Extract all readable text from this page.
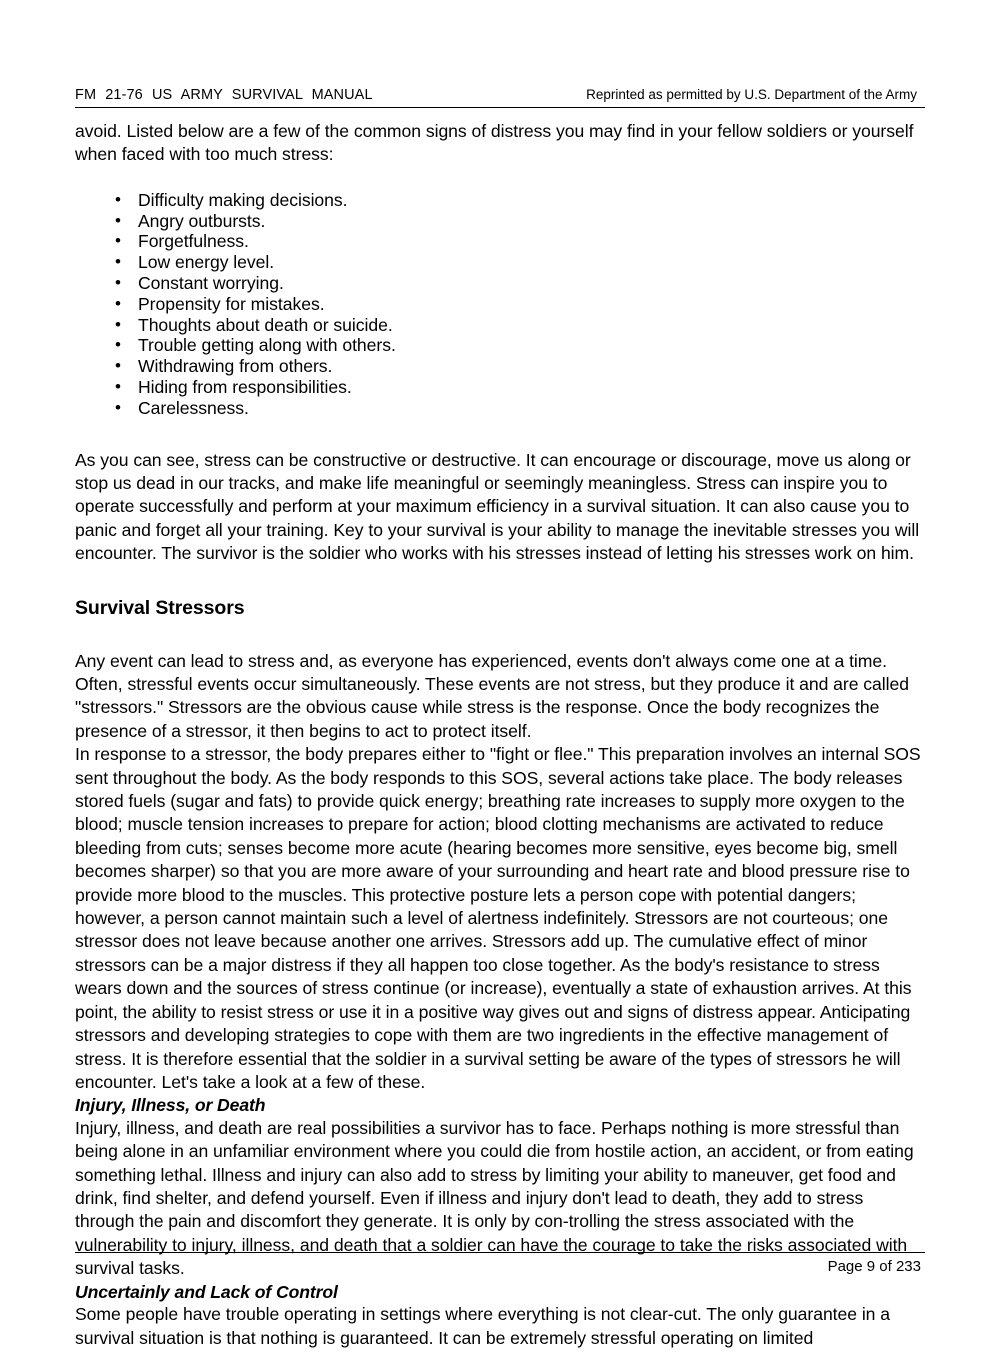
FM 21-76 US ARMY SURVIVAL MANUAL	Reprinted as permitted by U.S. Department of the Army

avoid. Listed below are a few of the common signs of distress you may find in your fellow soldiers or yourself when faced with too much stress:

• Difficulty making decisions.
• Angry outbursts.
• Forgetfulness.
• Low energy level.
• Constant worrying.
• Propensity for mistakes.
• Thoughts about death or suicide.
• Trouble getting along with others.
• Withdrawing from others.
• Hiding from responsibilities.
• Carelessness.

As you can see, stress can be constructive or destructive. It can encourage or discourage, move us along or stop us dead in our tracks, and make life meaningful or seemingly meaningless. Stress can inspire you to operate successfully and perform at your maximum efficiency in a survival situation. It can also cause you to panic and forget all your training. Key to your survival is your ability to manage the inevitable stresses you will encounter. The survivor is the soldier who works with his stresses instead of letting his stresses work on him.

Survival Stressors

Any event can lead to stress and, as everyone has experienced, events don't always come one at a time. Often, stressful events occur simultaneously. These events are not stress, but they produce it and are called "stressors." Stressors are the obvious cause while stress is the response. Once the body recognizes the presence of a stressor, it then begins to act to protect itself.

In response to a stressor, the body prepares either to "fight or flee." This preparation involves an internal SOS sent throughout the body. As the body responds to this SOS, several actions take place. The body releases stored fuels (sugar and fats) to provide quick energy; breathing rate increases to supply more oxygen to the blood; muscle tension increases to prepare for action; blood clotting mechanisms are activated to reduce bleeding from cuts; senses become more acute (hearing becomes more sensitive, eyes become big, smell becomes sharper) so that you are more aware of your surrounding and heart rate and blood pressure rise to provide more blood to the muscles. This protective posture lets a person cope with potential dangers; however, a person cannot maintain such a level of alertness indefinitely. Stressors are not courteous; one stressor does not leave because another one arrives. Stressors add up. The cumulative effect of minor stressors can be a major distress if they all happen too close together. As the body's resistance to stress wears down and the sources of stress continue (or increase), eventually a state of exhaustion arrives. At this point, the ability to resist stress or use it in a positive way gives out and signs of distress appear. Anticipating stressors and developing strategies to cope with them are two ingredients in the effective management of stress. It is therefore essential that the soldier in a survival setting be aware of the types of stressors he will encounter. Let's take a look at a few of these.

Injury, Illness, or Death

Injury, illness, and death are real possibilities a survivor has to face. Perhaps nothing is more stressful than being alone in an unfamiliar environment where you could die from hostile action, an accident, or from eating something lethal. Illness and injury can also add to stress by limiting your ability to maneuver, get food and drink, find shelter, and defend yourself. Even if illness and injury don't lead to death, they add to stress through the pain and discomfort they generate. It is only by con-trolling the stress associated with the vulnerability to injury, illness, and death that a soldier can have the courage to take the risks associated with survival tasks.

Uncertainly and Lack of Control

Some people have trouble operating in settings where everything is not clear-cut. The only guarantee in a survival situation is that nothing is guaranteed. It can be extremely stressful operating on limited

Page 9 of 233
